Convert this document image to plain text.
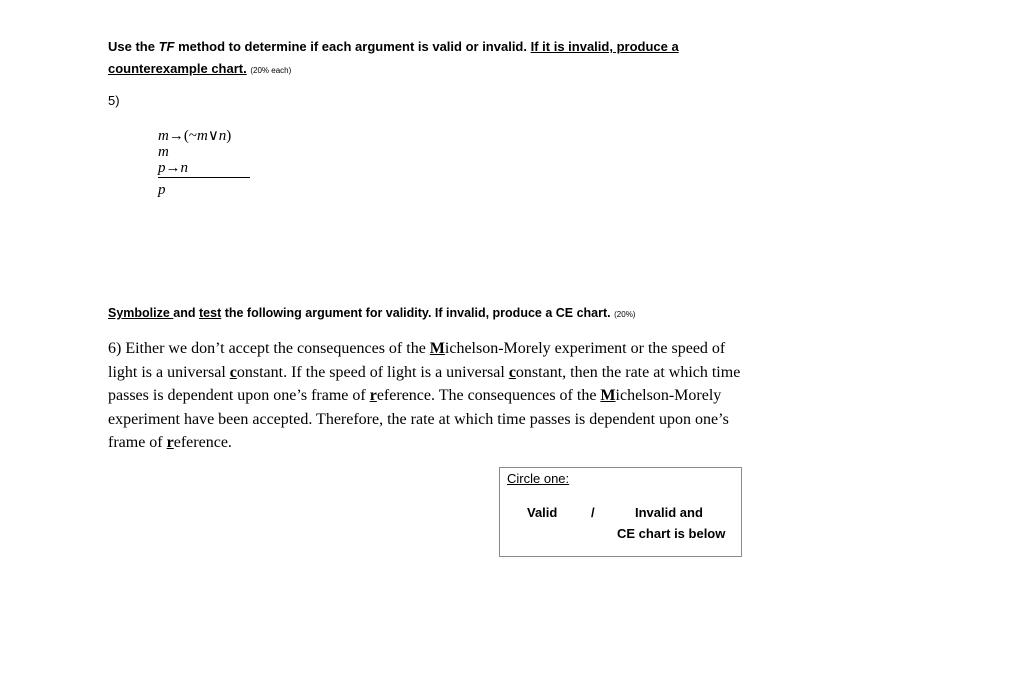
Use the TF method to determine if each argument is valid or invalid. If it is invalid, produce a counterexample chart. (20% each)
5)
m→(~m∨n)
m
p→n
p
Symbolize and test the following argument for validity. If invalid, produce a CE chart. (20%)
6) Either we don’t accept the consequences of the Michelson-Morely experiment or the speed of light is a universal constant. If the speed of light is a universal constant, then the rate at which time passes is dependent upon one’s frame of reference. The consequences of the Michelson-Morely experiment have been accepted. Therefore, the rate at which time passes is dependent upon one’s frame of reference.
Circle one:
Valid	/	Invalid and
CE chart is below
